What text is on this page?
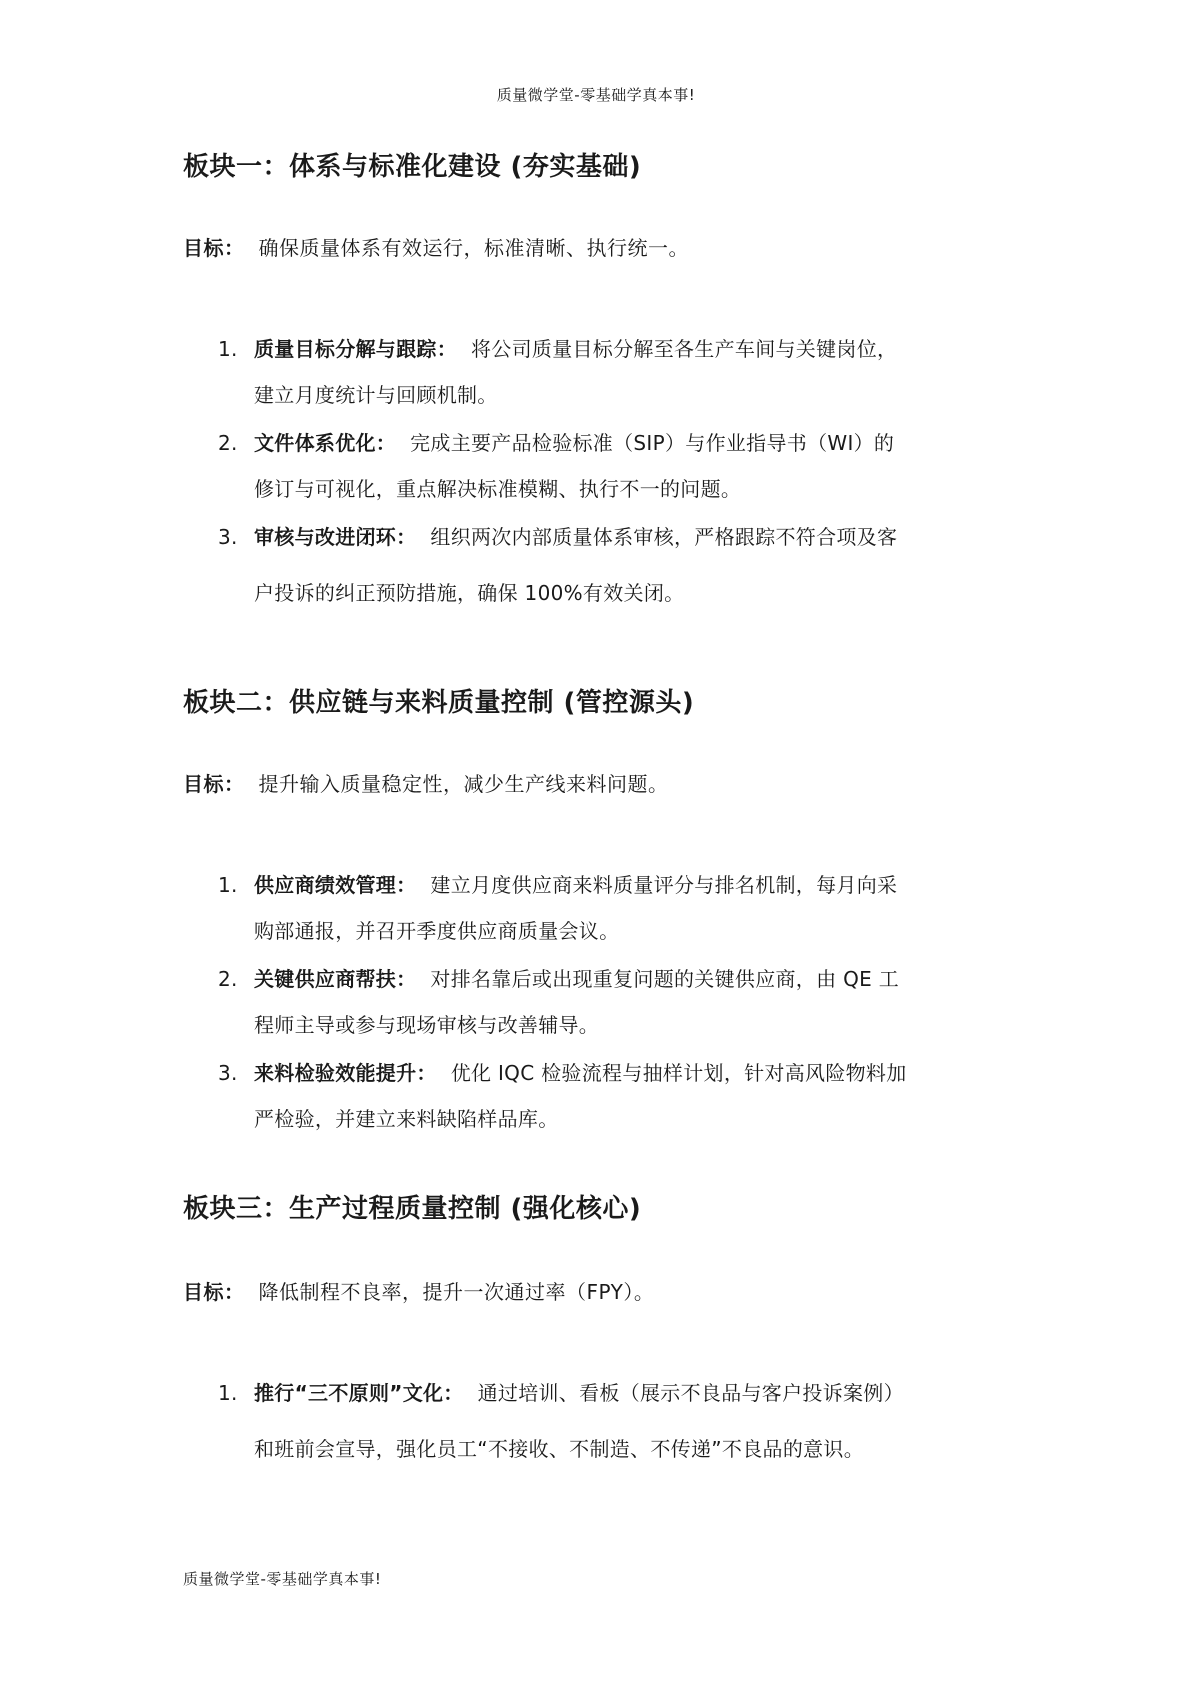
质量微学堂-零基础学真本事!
板块一：体系与标准化建设 (夯实基础)

目标： 确保质量体系有效运行，标准清晰、执行统一。

1. 质量目标分解与跟踪： 将公司质量目标分解至各生产车间与关键岗位，
建立月度统计与回顾机制。
2. 文件体系优化： 完成主要产品检验标准（SIP）与作业指导书（WI）的
修订与可视化，重点解决标准模糊、执行不一的问题。
3. 审核与改进闭环： 组织两次内部质量体系审核，严格跟踪不符合项及客
户投诉的纠正预防措施，确保 100%有效关闭。
板块二：供应链与来料质量控制 (管控源头)

目标： 提升输入质量稳定性，减少生产线来料问题。

1. 供应商绩效管理： 建立月度供应商来料质量评分与排名机制，每月向采
购部通报，并召开季度供应商质量会议。
2. 关键供应商帮扶： 对排名靠后或出现重复问题的关键供应商，由 QE 工
程师主导或参与现场审核与改善辅导。
3. 来料检验效能提升： 优化 IQC 检验流程与抽样计划，针对高风险物料加
严检验，并建立来料缺陷样品库。
板块三：生产过程质量控制 (强化核心)

目标： 降低制程不良率，提升一次通过率（FPY）。

1. 推行“三不原则”文化： 通过培训、看板（展示不良品与客户投诉案例）
和班前会宣导，强化员工“不接收、不制造、不传递”不良品的意识。
质量微学堂-零基础学真本事!
